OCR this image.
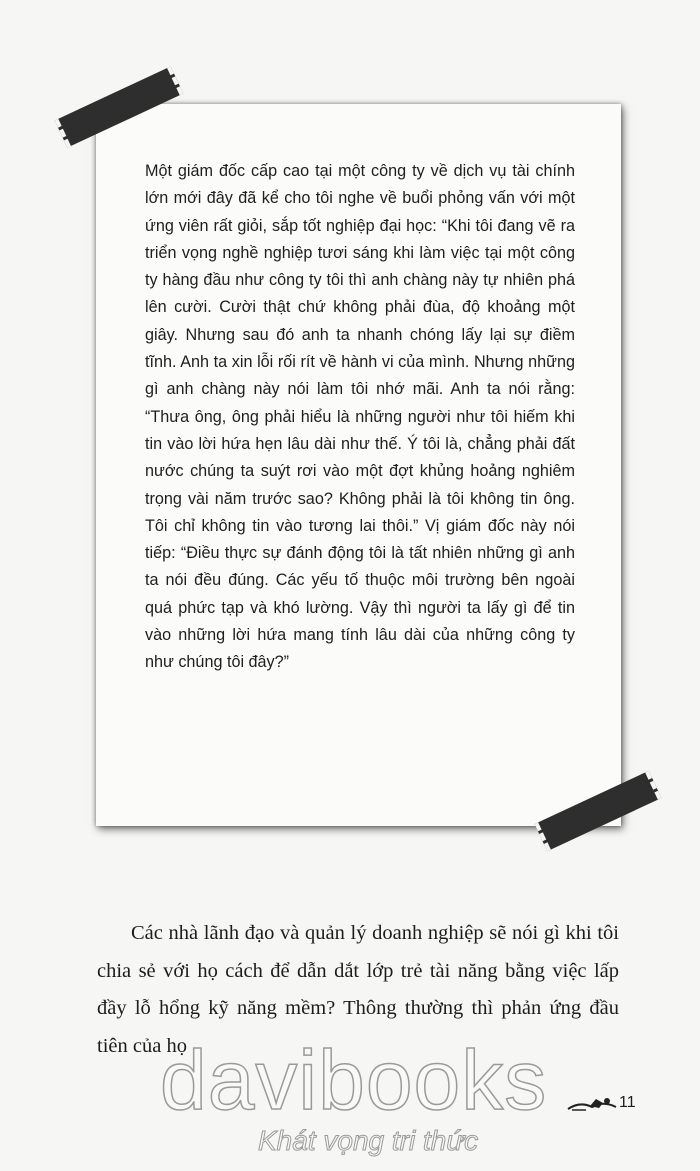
Một giám đốc cấp cao tại một công ty về dịch vụ tài chính lớn mới đây đã kể cho tôi nghe về buổi phỏng vấn với một ứng viên rất giỏi, sắp tốt nghiệp đại học: “Khi tôi đang vẽ ra triển vọng nghề nghiệp tươi sáng khi làm việc tại một công ty hàng đầu như công ty tôi thì anh chàng này tự nhiên phá lên cười. Cười thật chứ không phải đùa, độ khoảng một giây. Nhưng sau đó anh ta nhanh chóng lấy lại sự điềm tĩnh. Anh ta xin lỗi rối rít về hành vi của mình. Nhưng những gì anh chàng này nói làm tôi nhớ mãi. Anh ta nói rằng: “Thưa ông, ông phải hiểu là những người như tôi hiếm khi tin vào lời hứa hẹn lâu dài như thế. Ý tôi là, chẳng phải đất nước chúng ta suýt rơi vào một đợt khủng hoảng nghiêm trọng vài năm trước sao? Không phải là tôi không tin ông. Tôi chỉ không tin vào tương lai thôi.” Vị giám đốc này nói tiếp: “Điều thực sự đánh động tôi là tất nhiên những gì anh ta nói đều đúng. Các yếu tố thuộc môi trường bên ngoài quá phức tạp và khó lường. Vậy thì người ta lấy gì để tin vào những lời hứa mang tính lâu dài của những công ty như chúng tôi đây?”

Các nhà lãnh đạo và quản lý doanh nghiệp sẽ nói gì khi tôi chia sẻ với họ cách để dẫn dắt lớp trẻ tài năng bằng việc lấp đầy lỗ hổng kỹ năng mềm? Thông thường thì phản ứng đầu tiên của họ

davibooks
Khát vọng tri thức
11
